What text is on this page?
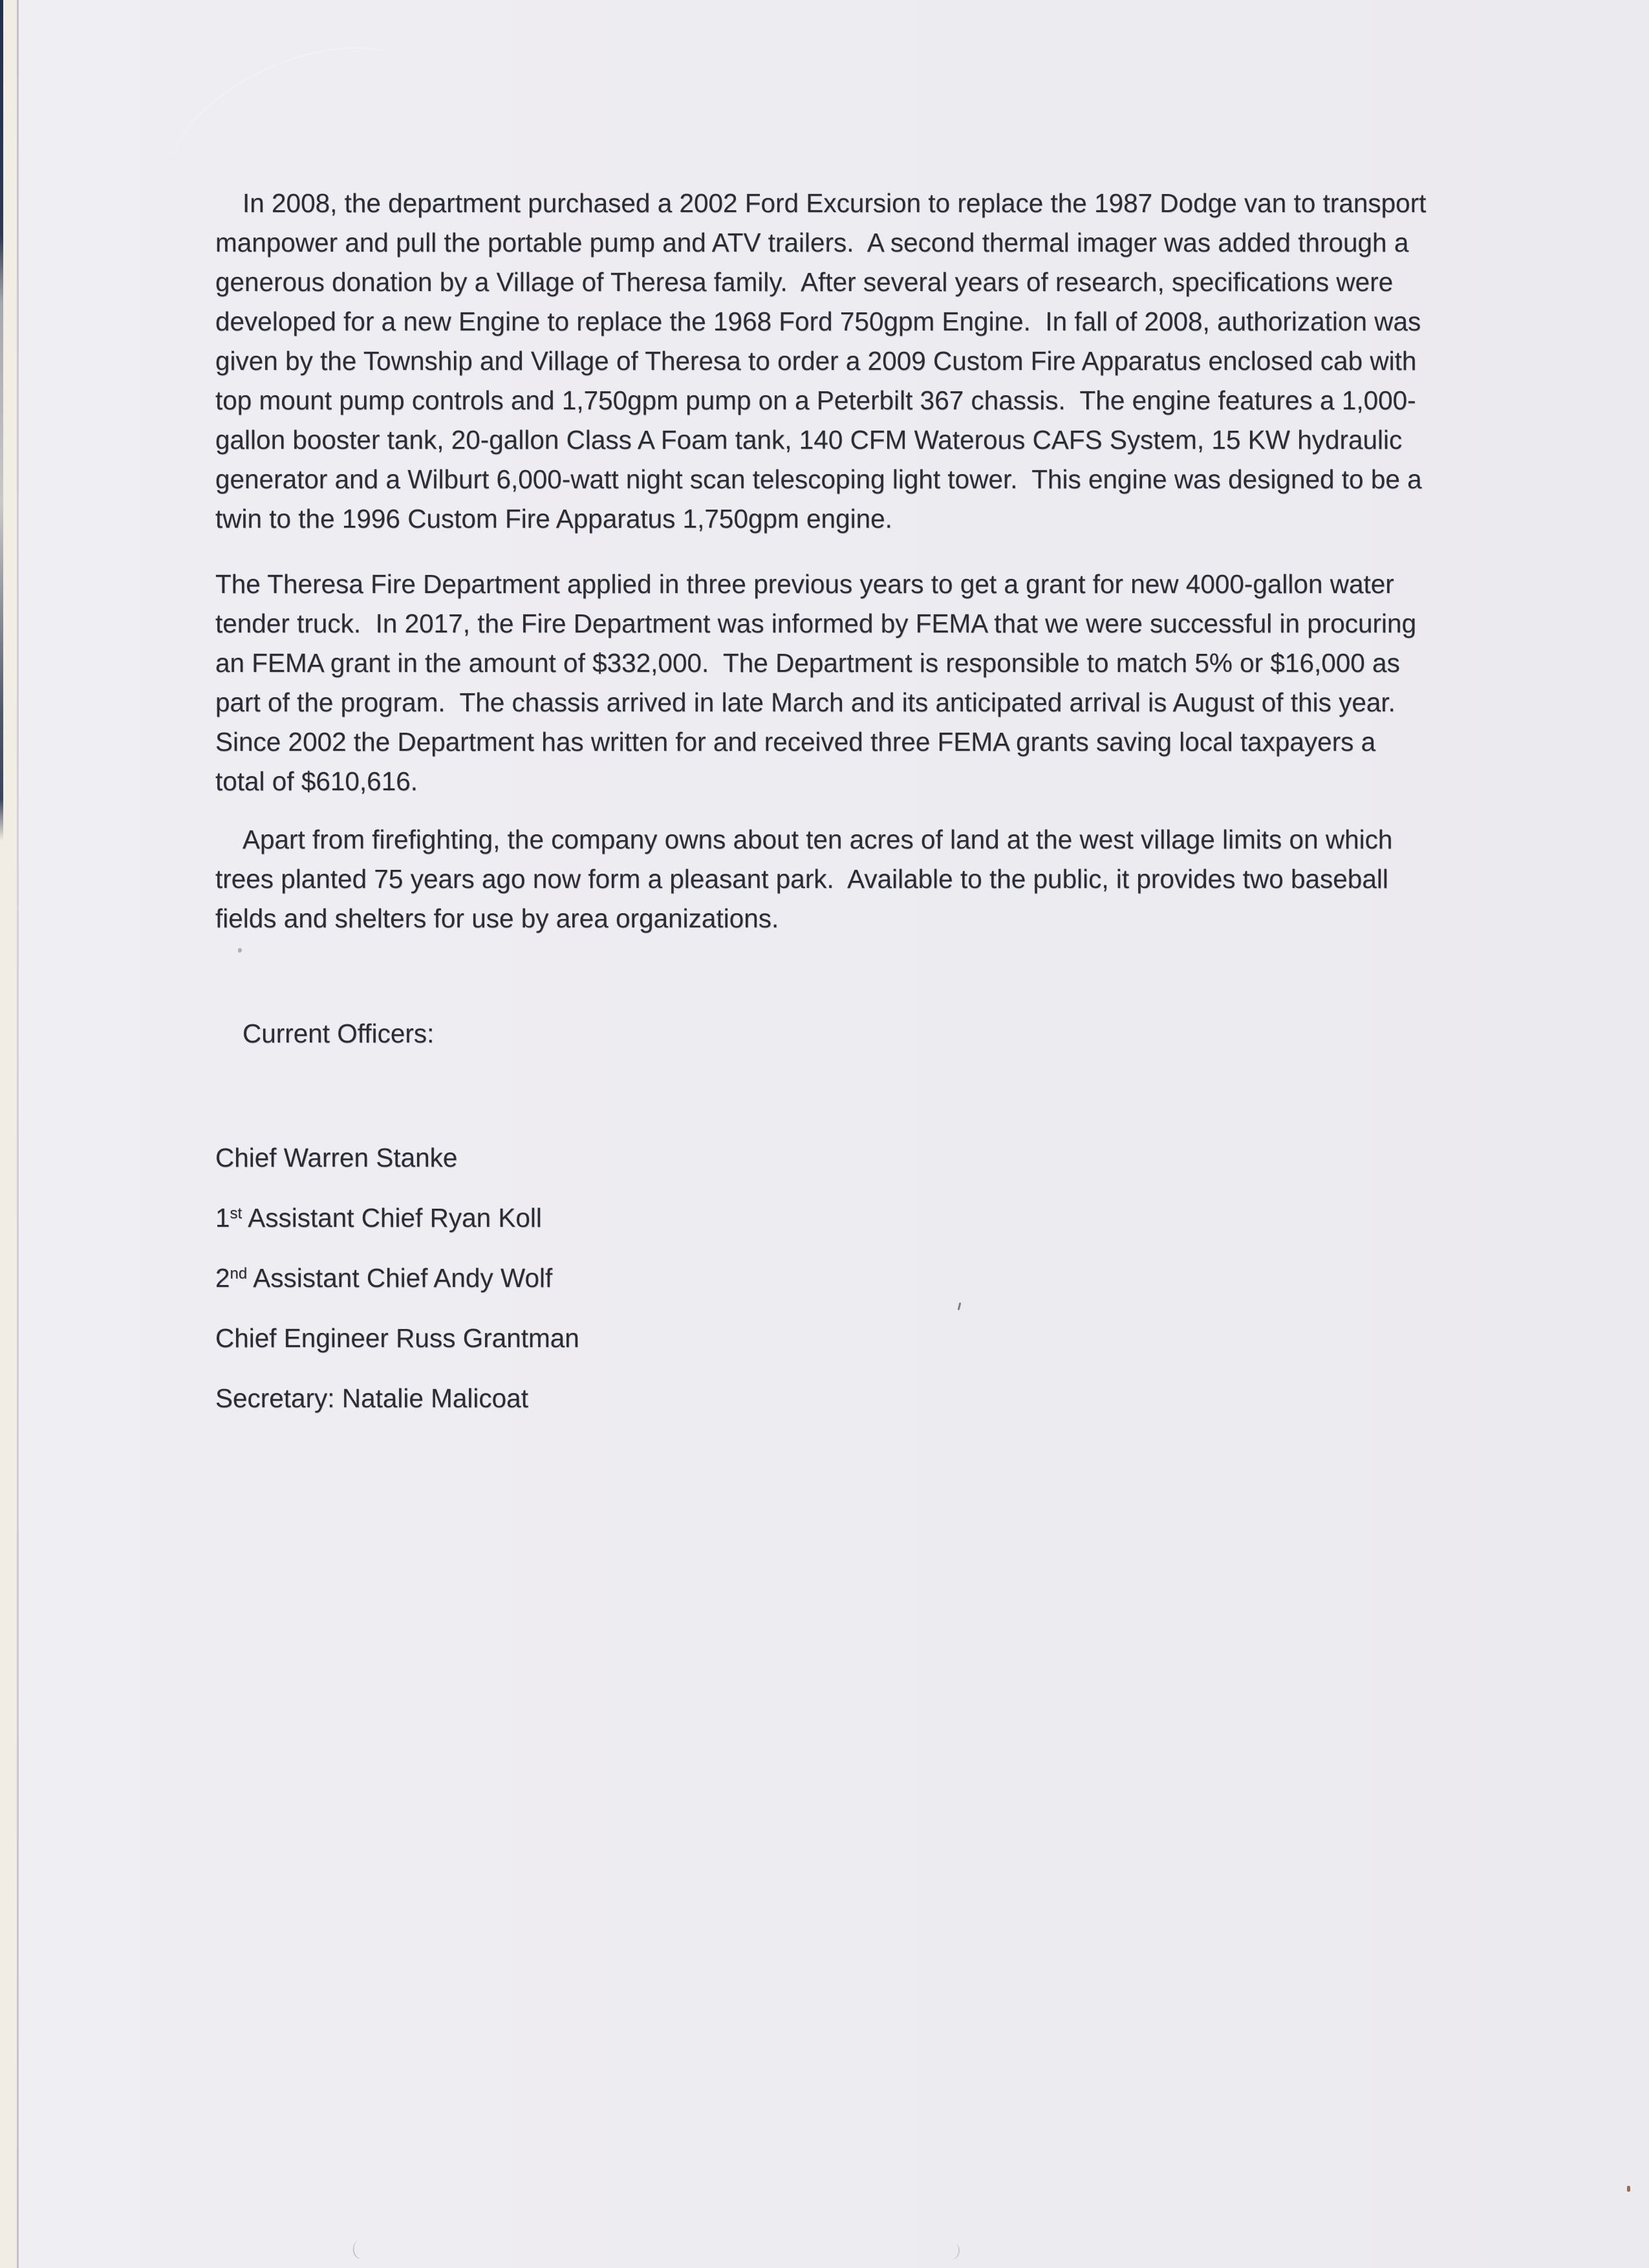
In 2008, the department purchased a 2002 Ford Excursion to replace the 1987 Dodge van to transport
manpower and pull the portable pump and ATV trailers.  A second thermal imager was added through a
generous donation by a Village of Theresa family.  After several years of research, specifications were
developed for a new Engine to replace the 1968 Ford 750gpm Engine.  In fall of 2008, authorization was
given by the Township and Village of Theresa to order a 2009 Custom Fire Apparatus enclosed cab with
top mount pump controls and 1,750gpm pump on a Peterbilt 367 chassis.  The engine features a 1,000-
gallon booster tank, 20-gallon Class A Foam tank, 140 CFM Waterous CAFS System, 15 KW hydraulic
generator and a Wilburt 6,000-watt night scan telescoping light tower.  This engine was designed to be a
twin to the 1996 Custom Fire Apparatus 1,750gpm engine.
The Theresa Fire Department applied in three previous years to get a grant for new 4000-gallon water
tender truck.  In 2017, the Fire Department was informed by FEMA that we were successful in procuring
an FEMA grant in the amount of $332,000.  The Department is responsible to match 5% or $16,000 as
part of the program.  The chassis arrived in late March and its anticipated arrival is August of this year.
Since 2002 the Department has written for and received three FEMA grants saving local taxpayers a
total of $610,616.
Apart from firefighting, the company owns about ten acres of land at the west village limits on which
trees planted 75 years ago now form a pleasant park.  Available to the public, it provides two baseball
fields and shelters for use by area organizations.
Current Officers:
Chief Warren Stanke
1st Assistant Chief Ryan Koll
2nd Assistant Chief Andy Wolf
Chief Engineer Russ Grantman
Secretary: Natalie Malicoat
